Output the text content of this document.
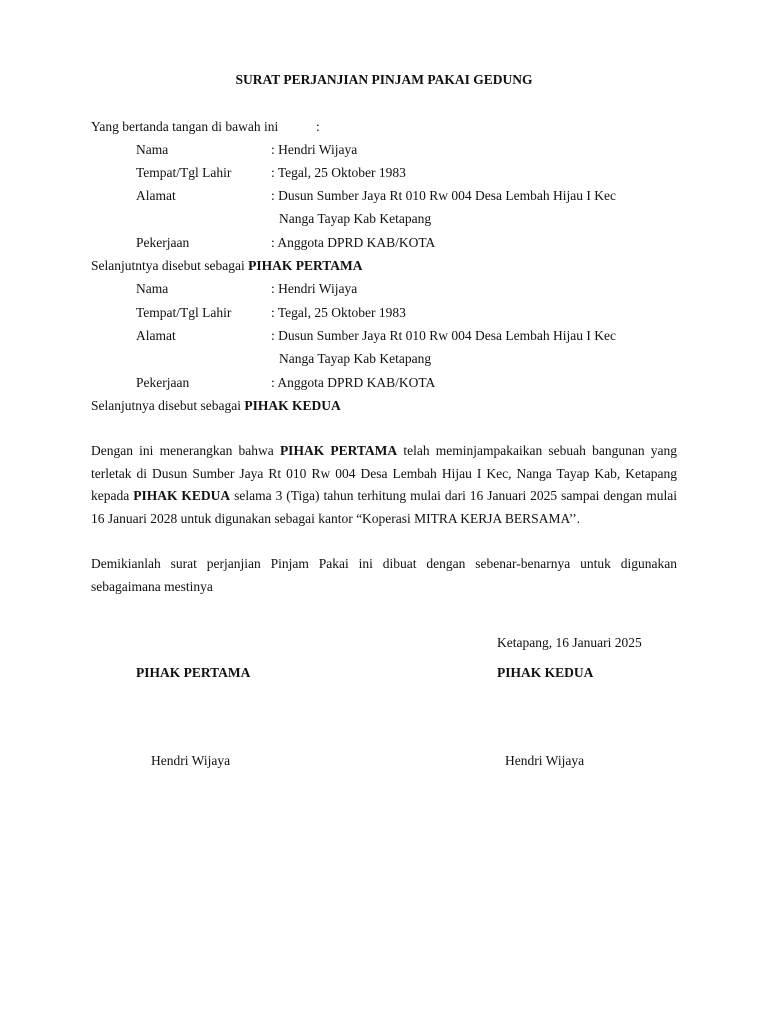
SURAT PERJANJIAN PINJAM PAKAI GEDUNG
Yang bertanda tangan di bawah ini	:
Nama	: Hendri Wijaya
Tempat/Tgl Lahir	: Tegal, 25 Oktober 1983
Alamat	: Dusun Sumber Jaya Rt 010 Rw 004 Desa Lembah Hijau I Kec
Nanga Tayap Kab Ketapang
Pekerjaan	: Anggota DPRD KAB/KOTA
Selanjutntya disebut sebagai PIHAK PERTAMA
Nama	: Hendri Wijaya
Tempat/Tgl Lahir	: Tegal, 25 Oktober 1983
Alamat	: Dusun Sumber Jaya Rt 010 Rw 004 Desa Lembah Hijau I Kec
Nanga Tayap Kab Ketapang
Pekerjaan	: Anggota DPRD KAB/KOTA
Selanjutnya disebut sebagai PIHAK KEDUA
Dengan ini menerangkan bahwa PIHAK PERTAMA telah meminjampakaikan sebuah bangunan yang terletak di Dusun Sumber Jaya Rt 010 Rw 004 Desa Lembah Hijau I Kec, Nanga Tayap Kab, Ketapang kepada PIHAK KEDUA selama 3 (Tiga) tahun terhitung mulai dari 16 Januari 2025 sampai dengan mulai 16 Januari 2028 untuk digunakan sebagai kantor “Koperasi MITRA KERJA BERSAMA’’.
Demikianlah surat perjanjian Pinjam Pakai ini dibuat dengan sebenar-benarnya untuk digunakan sebagaimana mestinya
Ketapang, 16 Januari 2025
PIHAK PERTAMA	PIHAK KEDUA
Hendri Wijaya	Hendri Wijaya
